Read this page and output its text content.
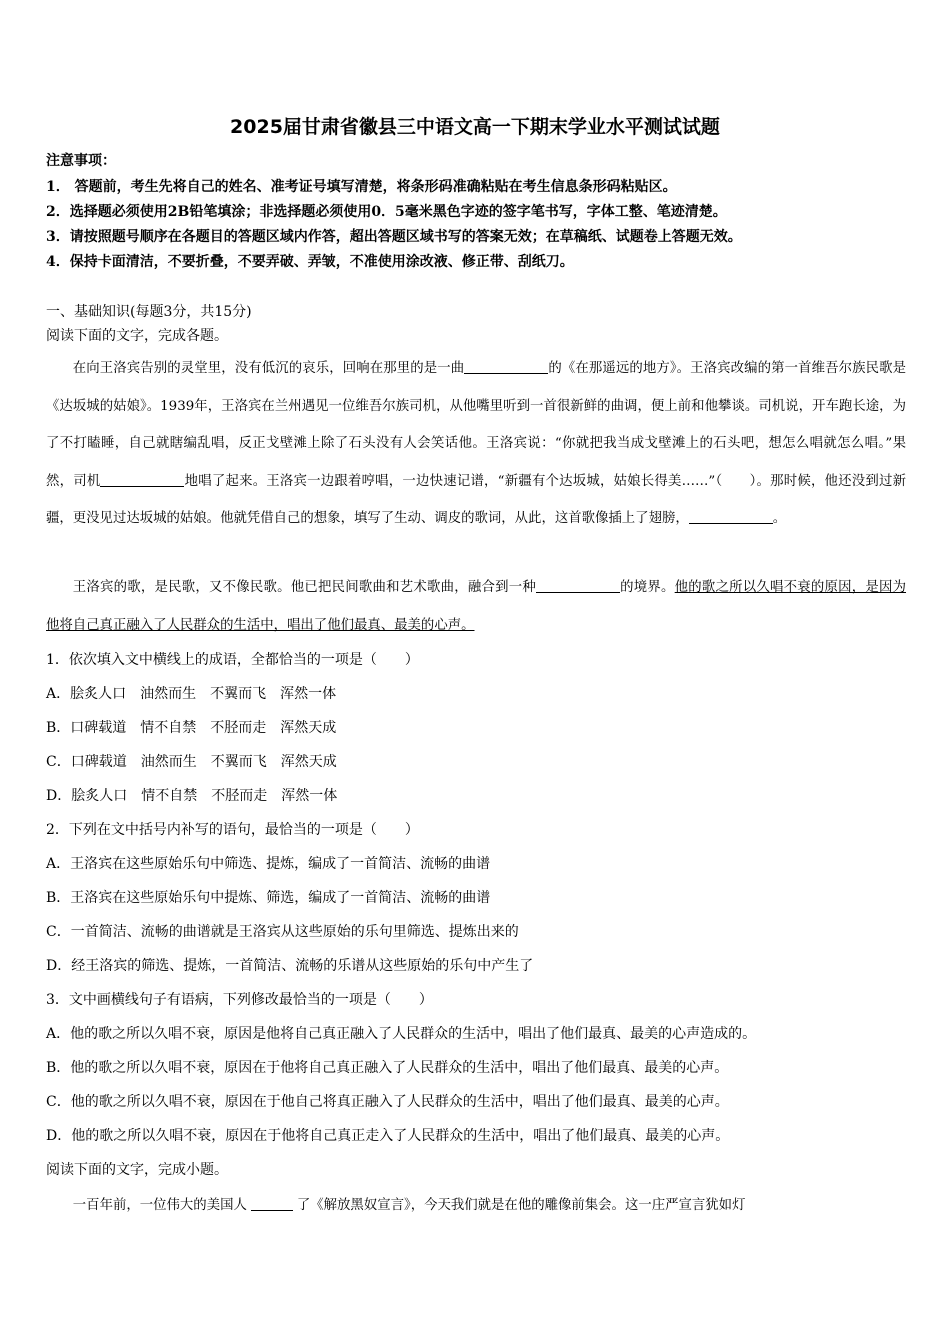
2025届甘肃省徽县三中语文高一下期末学业水平测试试题
注意事项：
1． 答题前，考生先将自己的姓名、准考证号填写清楚，将条形码准确粘贴在考生信息条形码粘贴区。
2．选择题必须使用2B铅笔填涂；非选择题必须使用0．5毫米黑色字迹的签字笔书写，字体工整、笔迹清楚。
3．请按照题号顺序在各题目的答题区域内作答，超出答题区域书写的答案无效；在草稿纸、试题卷上答题无效。
4．保持卡面清洁，不要折叠，不要弄破、弄皱，不准使用涂改液、修正带、刮纸刀。
一、基础知识(每题3分，共15分)
阅读下面的文字，完成各题。

在向王洛宾告别的灵堂里，没有低沉的哀乐，回响在那里的是一曲	的《在那遥远的地方》。王洛宾改编的第一首维吾尔族民歌是《达坂城的姑娘》。1939年，王洛宾在兰州遇见一位维吾尔族司机，从他嘴里听到一首很新鲜的曲调，便上前和他攀谈。司机说，开车跑长途，为了不打瞌睡，自己就瞎编乱唱，反正戈壁滩上除了石头没有人会笑话他。王洛宾说：“你就把我当成戈壁滩上的石头吧，想怎么唱就怎么唱。”果然，司机	地唱了起来。王洛宾一边跟着哼唱，一边快速记谱，“新疆有个达坂城，姑娘长得美……”（　　）。那时候，他还没到过新疆，更没见过达坂城的姑娘。他就凭借自己的想象，填写了生动、调皮的歌词，从此，这首歌像插上了翅膀，	。

王洛宾的歌，是民歌，又不像民歌。他已把民间歌曲和艺术歌曲，融合到一种	的境界。他的歌之所以久唱不衰的原因，是因为他将自己真正融入了人民群众的生活中，唱出了他们最真、最美的心声。

1．依次填入文中横线上的成语，全都恰当的一项是（　　）
A．脍炙人口　油然而生　不翼而飞　浑然一体
B．口碑载道　情不自禁　不胫而走　浑然天成
C．口碑载道　油然而生　不翼而飞　浑然天成
D．脍炙人口　情不自禁　不胫而走　浑然一体
2．下列在文中括号内补写的语句，最恰当的一项是（　　）
A．王洛宾在这些原始乐句中筛选、提炼，编成了一首简洁、流畅的曲谱
B．王洛宾在这些原始乐句中提炼、筛选，编成了一首简洁、流畅的曲谱
C．一首简洁、流畅的曲谱就是王洛宾从这些原始的乐句里筛选、提炼出来的
D．经王洛宾的筛选、提炼，一首简洁、流畅的乐谱从这些原始的乐句中产生了
3．文中画横线句子有语病，下列修改最恰当的一项是（　　）
A．他的歌之所以久唱不衰，原因是他将自己真正融入了人民群众的生活中，唱出了他们最真、最美的心声造成的。
B．他的歌之所以久唱不衰，原因在于他将自己真正融入了人民群众的生活中，唱出了他们最真、最美的心声。
C．他的歌之所以久唱不衰，原因在于他自己将真正融入了人民群众的生活中，唱出了他们最真、最美的心声。
D．他的歌之所以久唱不衰，原因在于他将自己真正走入了人民群众的生活中，唱出了他们最真、最美的心声。
阅读下面的文字，完成小题。
一百年前，一位伟大的美国人	了《解放黑奴宣言》，今天我们就是在他的雕像前集会。这一庄严宣言犹如灯
